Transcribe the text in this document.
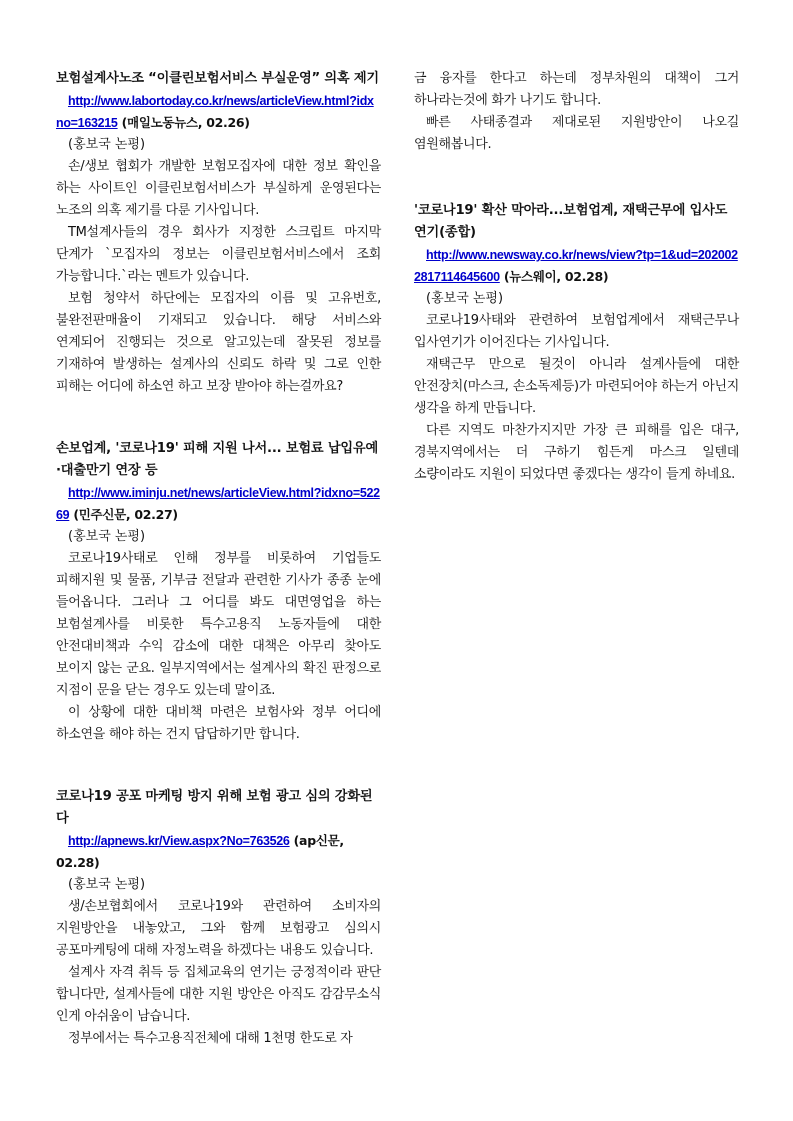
보험설계사노조 “이클린보험서비스 부실운영” 의혹 제기

http://www.labortoday.co.kr/news/articleView.html?idxno=163215 (매일노동뉴스, 02.26)

(홍보국 논평)

손/생보 협회가 개발한 보험모집자에 대한 정보 확인을 하는 사이트인 이클린보험서비스가 부실하게 운영된다는 노조의 의혹 제기를 다룬 기사입니다.

TM설계사들의 경우 회사가 지정한 스크립트 마지막 단계가 `모집자의 정보는 이클린보험서비스에서 조회 가능합니다.`라는 멘트가 있습니다.

보험 청약서 하단에는 모집자의 이름 및 고유번호, 불완전판매율이 기재되고 있습니다. 해당 서비스와 연계되어 진행되는 것으로 알고있는데 잘못된 정보를 기재하여 발생하는 설계사의 신뢰도 하락 및 그로 인한 피해는 어디에 하소연 하고 보장 받아야 하는걸까요?

손보업계, '코로나19' 피해 지원 나서... 보험료 납입유예·대출만기 연장 등

http://www.iminju.net/news/articleView.html?idxno=52269 (민주신문, 02.27)

(홍보국 논평)

코로나19사태로 인해 정부를 비롯하여 기업들도 피해지원 및 물품, 기부금 전달과 관련한 기사가 종종 눈에 들어옵니다. 그러나 그 어디를 봐도 대면영업을 하는 보험설계사를 비롯한 특수고용직 노동자들에 대한 안전대비책과 수익 감소에 대한 대책은 아무리 찾아도 보이지 않는 군요. 일부지역에서는 설계사의 확진 판정으로 지점이 문을 닫는 경우도 있는데 말이죠.

이 상황에 대한 대비책 마련은 보험사와 정부 어디에 하소연을 해야 하는 건지 답답하기만 합니다.

코로나19 공포 마케팅 방지 위해 보험 광고 심의 강화된다

http://apnews.kr/View.aspx?No=763526 (ap신문, 02.28)

(홍보국 논평)

생/손보협회에서 코로나19와 관련하여 소비자의 지원방안을 내놓았고, 그와 함께 보험광고 심의시 공포마케팅에 대해 자정노력을 하겠다는 내용도 있습니다.

설계사 자격 취득 등 집체교육의 연기는 긍정적이라 판단 합니다만, 설계사들에 대한 지원 방안은 아직도 감감무소식 인게 아쉬움이 남습니다.

정부에서는 특수고용직전체에 대해 1천명 한도로 자

금 융자를 한다고 하는데 정부차원의 대책이 그거 하나라는것에 화가 나기도 합니다.

빠른 사태종결과 제대로된 지원방안이 나오길 염원해봅니다.

'코로나19' 확산 막아라...보험업계, 재택근무에 입사도 연기(종합)

http://www.newsway.co.kr/news/view?tp=1&ud=2020022817114645600 (뉴스웨이, 02.28)

(홍보국 논평)

코로나19사태와 관련하여 보험업계에서 재택근무나 입사연기가 이어진다는 기사입니다.

재택근무 만으로 될것이 아니라 설계사들에 대한 안전장치(마스크, 손소독제등)가 마련되어야 하는거 아닌지 생각을 하게 만듭니다.

다른 지역도 마찬가지지만 가장 큰 피해를 입은 대구, 경북지역에서는 더 구하기 힘든게 마스크 일텐데 소량이라도 지원이 되었다면 좋겠다는 생각이 들게 하네요.
